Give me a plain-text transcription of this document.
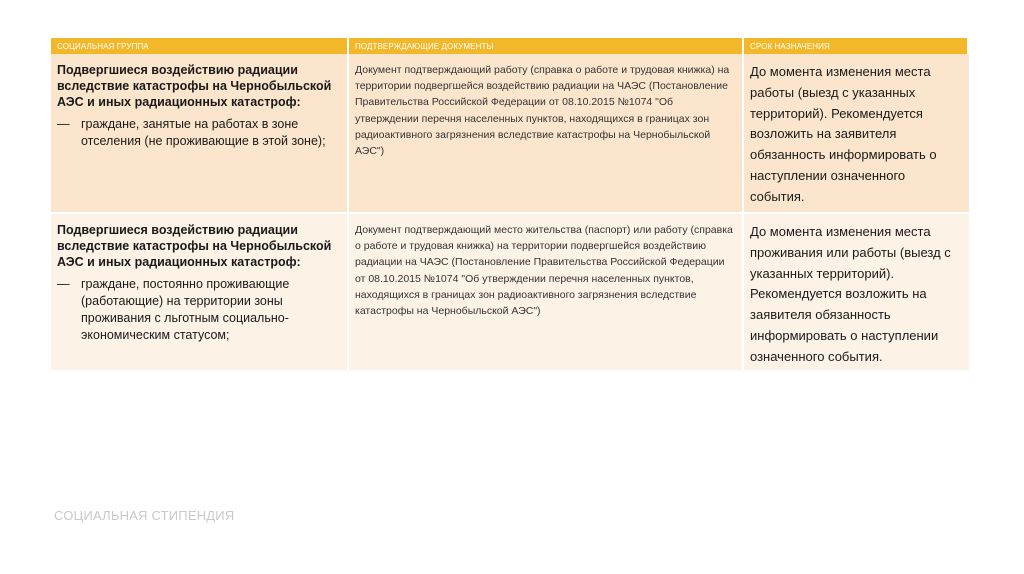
СОЦИАЛЬНАЯ ГРУППА	ПОДТВЕРЖДАЮЩИЕ ДОКУМЕНТЫ	СРОК НАЗНАЧЕНИЯ
Подвергшиеся воздействию радиации вследствие катастрофы на Чернобыльской АЭС и иных радиационных катастроф:
— граждане, занятые на работах в зоне отселения (не проживающие в этой зоне);
Документ подтверждающий работу (справка о работе и трудовая книжка) на территории подвергшейся воздействию радиации на ЧАЭС (Постановление Правительства Российской Федерации от 08.10.2015 №1074 "Об утверждении перечня населенных пунктов, находящихся в границах зон радиоактивного загрязнения вследствие катастрофы на Чернобыльской АЭС")
До момента изменения места работы (выезд с указанных территорий). Рекомендуется возложить на заявителя обязанность информировать о наступлении означенного события.
Подвергшиеся воздействию радиации вследствие катастрофы на Чернобыльской АЭС и иных радиационных катастроф:
— граждане, постоянно проживающие (работающие) на территории зоны проживания с льготным социально-экономическим статусом;
Документ подтверждающий место жительства (паспорт) или работу (справка о работе и трудовая книжка) на территории подвергшейся воздействию радиации на ЧАЭС (Постановление Правительства Российской Федерации от 08.10.2015 №1074 "Об утверждении перечня населенных пунктов, находящихся в границах зон радиоактивного загрязнения вследствие катастрофы на Чернобыльской АЭС")
До момента изменения места проживания или работы (выезд с указанных территорий). Рекомендуется возложить на заявителя обязанность информировать о наступлении означенного события.
СОЦИАЛЬНАЯ СТИПЕНДИЯ
